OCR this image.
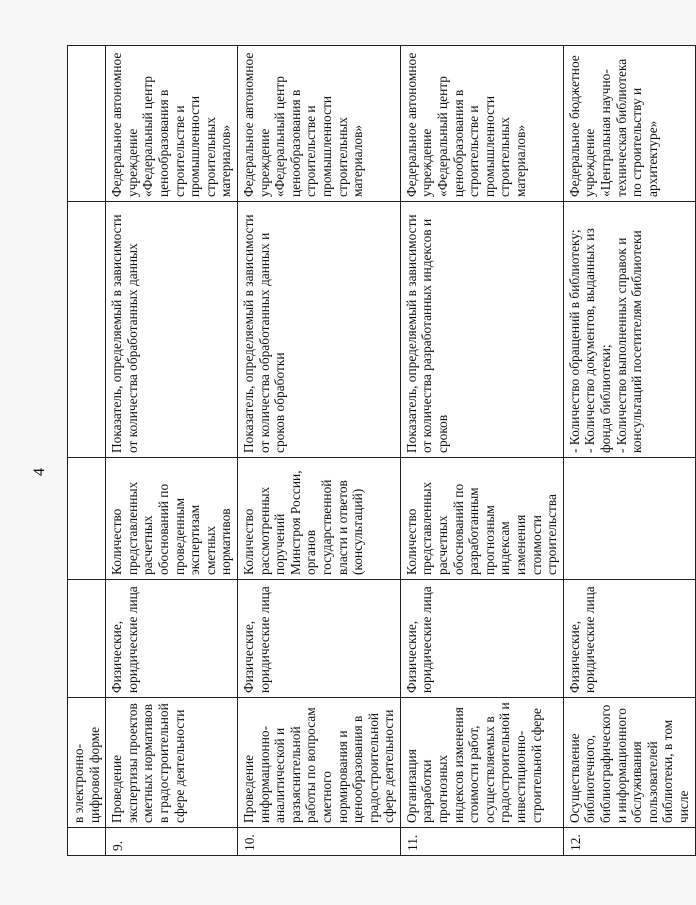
4

	в электронно-цифровой форме				

9.	Проведение экспертизы проектов сметных нормативов в градостроительной сфере деятельности	Физические, юридические лица	Количество представленных расчетных обоснований по проведенным экспертизам сметных нормативов	Показатель, определяемый в зависимости от количества обработанных данных	Федеральное автономное учреждение «Федеральный центр ценообразования в строительстве и промышленности строительных материалов»

10.	Проведение информационно-аналитической и разъяснительной работы по вопросам сметного нормирования и ценообразования в градостроительной сфере деятельности	Физические, юридические лица	Количество рассмотренных поручений Минстроя России, органов государственной власти и ответов (консультаций)	Показатель, определяемый в зависимости от количества обработанных данных и сроков обработки	Федеральное автономное учреждение «Федеральный центр ценообразования в строительстве и промышленности строительных материалов»

11.	Организация разработки прогнозных индексов изменения стоимости работ, осуществляемых в градостроительной и инвестиционно-строительной сфере	Физические, юридические лица	Количество представленных расчетных обоснований по разработанным прогнозным индексам изменения стоимости строительства	Показатель, определяемый в зависимости от количества разработанных индексов и сроков	Федеральное автономное учреждение «Федеральный центр ценообразования в строительстве и промышленности строительных материалов»

12.	Осуществление библиотечного, библиографического и информационного обслуживания пользователей библиотеки, в том числе	Физические, юридические лица		- Количество обращений в библиотеку;
- Количество документов, выданных из фонда библиотеки;
- Количество выполненных справок и консультаций посетителям библиотеки	Федеральное бюджетное учреждение «Центральная научно-техническая библиотека по строительству и архитектуре»
